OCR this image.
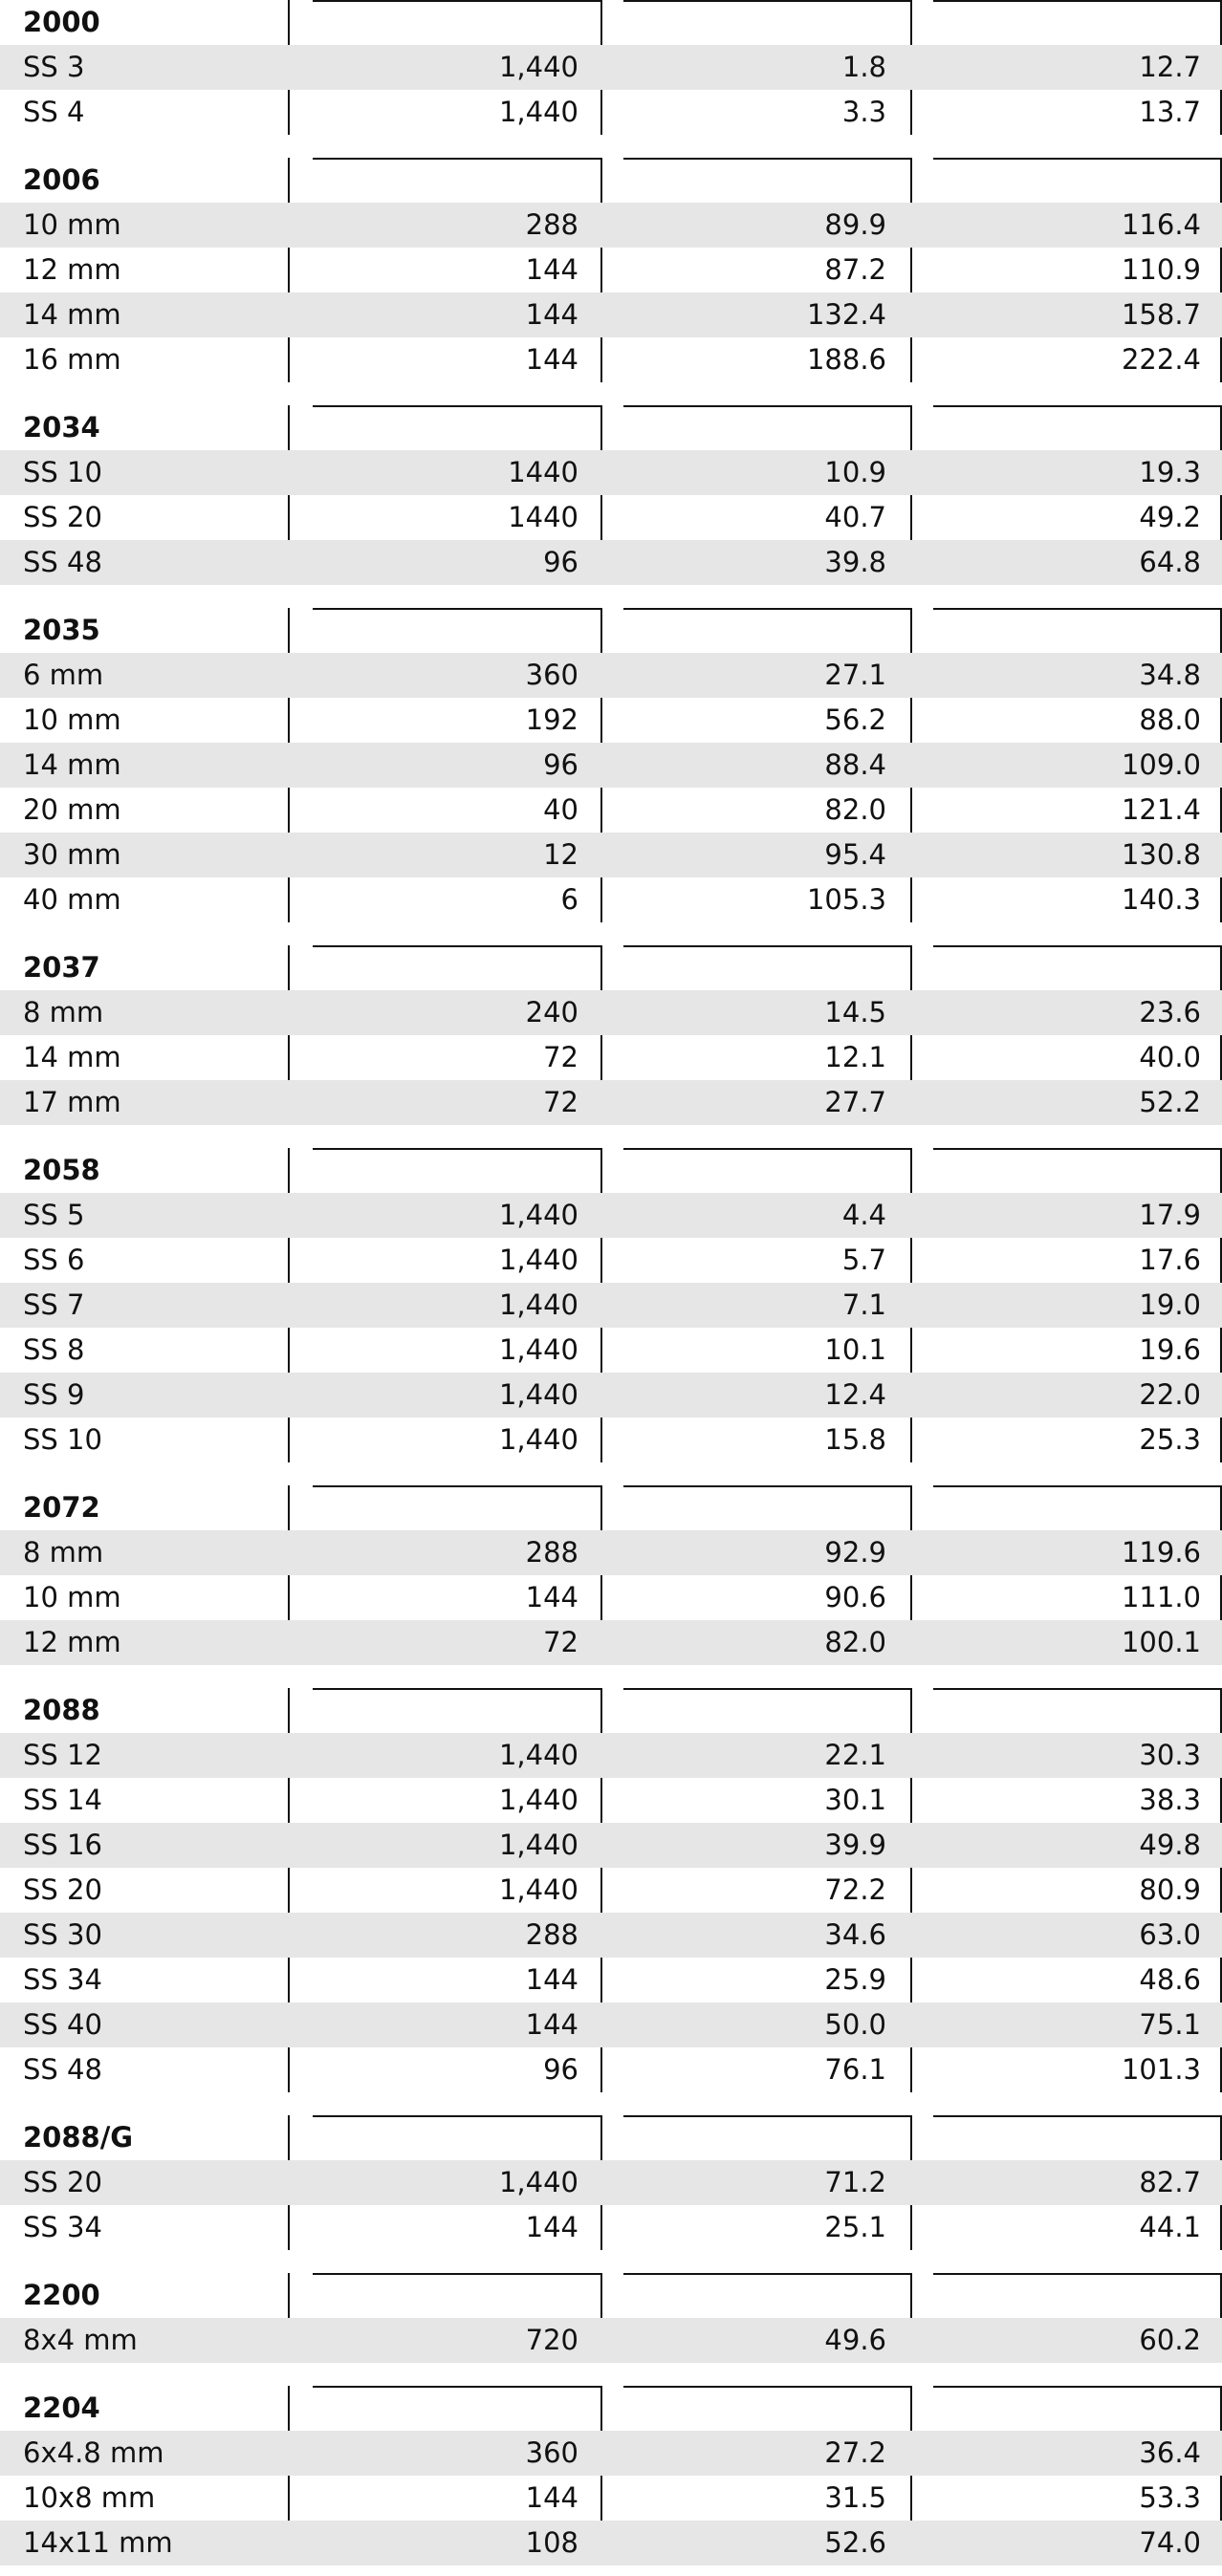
2000
SS 3	1,440	1.8	12.7
SS 4	1,440	3.3	13.7
2006
10 mm	288	89.9	116.4
12 mm	144	87.2	110.9
14 mm	144	132.4	158.7
16 mm	144	188.6	222.4
2034
SS 10	1440	10.9	19.3
SS 20	1440	40.7	49.2
SS 48	96	39.8	64.8
2035
6 mm	360	27.1	34.8
10 mm	192	56.2	88.0
14 mm	96	88.4	109.0
20 mm	40	82.0	121.4
30 mm	12	95.4	130.8
40 mm	6	105.3	140.3
2037
8 mm	240	14.5	23.6
14 mm	72	12.1	40.0
17 mm	72	27.7	52.2
2058
SS 5	1,440	4.4	17.9
SS 6	1,440	5.7	17.6
SS 7	1,440	7.1	19.0
SS 8	1,440	10.1	19.6
SS 9	1,440	12.4	22.0
SS 10	1,440	15.8	25.3
2072
8 mm	288	92.9	119.6
10 mm	144	90.6	111.0
12 mm	72	82.0	100.1
2088
SS 12	1,440	22.1	30.3
SS 14	1,440	30.1	38.3
SS 16	1,440	39.9	49.8
SS 20	1,440	72.2	80.9
SS 30	288	34.6	63.0
SS 34	144	25.9	48.6
SS 40	144	50.0	75.1
SS 48	96	76.1	101.3
2088/G
SS 20	1,440	71.2	82.7
SS 34	144	25.1	44.1
2200
8x4 mm	720	49.6	60.2
2204
6x4.8 mm	360	27.2	36.4
10x8 mm	144	31.5	53.3
14x11 mm	108	52.6	74.0
